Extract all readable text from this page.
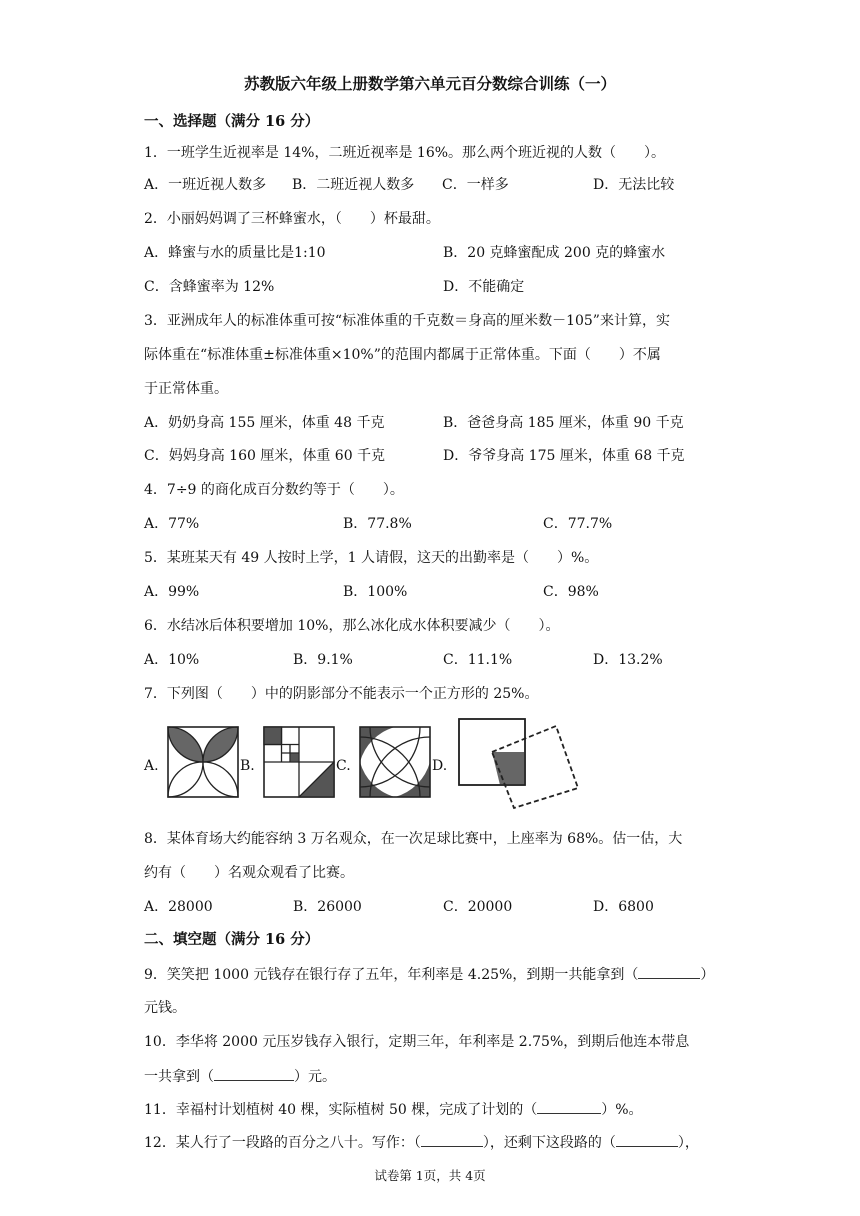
苏教版六年级上册数学第六单元百分数综合训练（一）
一、选择题（满分 16 分）
1．一班学生近视率是 14%，二班近视率是 16%。那么两个班近视的人数（　　）。
A．一班近视人数多 B．二班近视人数多 C．一样多	D．无法比较
2．小丽妈妈调了三杯蜂蜜水，（　　）杯最甜。
A．蜂蜜与水的质量比是1:10	B．20 克蜂蜜配成 200 克的蜂蜜水
C．含蜂蜜率为 12%	D．不能确定
3．亚洲成年人的标准体重可按“标准体重的千克数＝身高的厘米数－105”来计算，实
际体重在“标准体重±标准体重×10%”的范围内都属于正常体重。下面（　　）不属
于正常体重。
A．奶奶身高 155 厘米，体重 48 千克	B．爸爸身高 185 厘米，体重 90 千克
C．妈妈身高 160 厘米，体重 60 千克	D．爷爷身高 175 厘米，体重 68 千克
4．7÷9 的商化成百分数约等于（　　）。
A．77%	B．77.8%	C．77.7%
5．某班某天有 49 人按时上学，1 人请假，这天的出勤率是（　　）%。
A．99%	B．100%	C．98%
6．水结冰后体积要增加 10%，那么冰化成水体积要减少（　　）。
A．10%	B．9.1%	C．11.1%	D．13.2%
7．下列图（　　）中的阴影部分不能表示一个正方形的 25%。
A.	B.	C.	D.
8．某体育场大约能容纳 3 万名观众，在一次足球比赛中，上座率为 68%。估一估，大
约有（　　）名观众观看了比赛。
A．28000	B．26000	C．20000	D．6800
二、填空题（满分 16 分）
9．笑笑把 1000 元钱存在银行存了五年，年利率是 4.25%，到期一共能拿到（	）
元钱。
10．李华将 2000 元压岁钱存入银行，定期三年，年利率是 2.75%，到期后他连本带息
一共拿到（	）元。
11．幸福村计划植树 40 棵，实际植树 50 棵，完成了计划的（	）%。
12．某人行了一段路的百分之八十。写作：（	），还剩下这段路的（	），
试卷第 1页，共 4页
